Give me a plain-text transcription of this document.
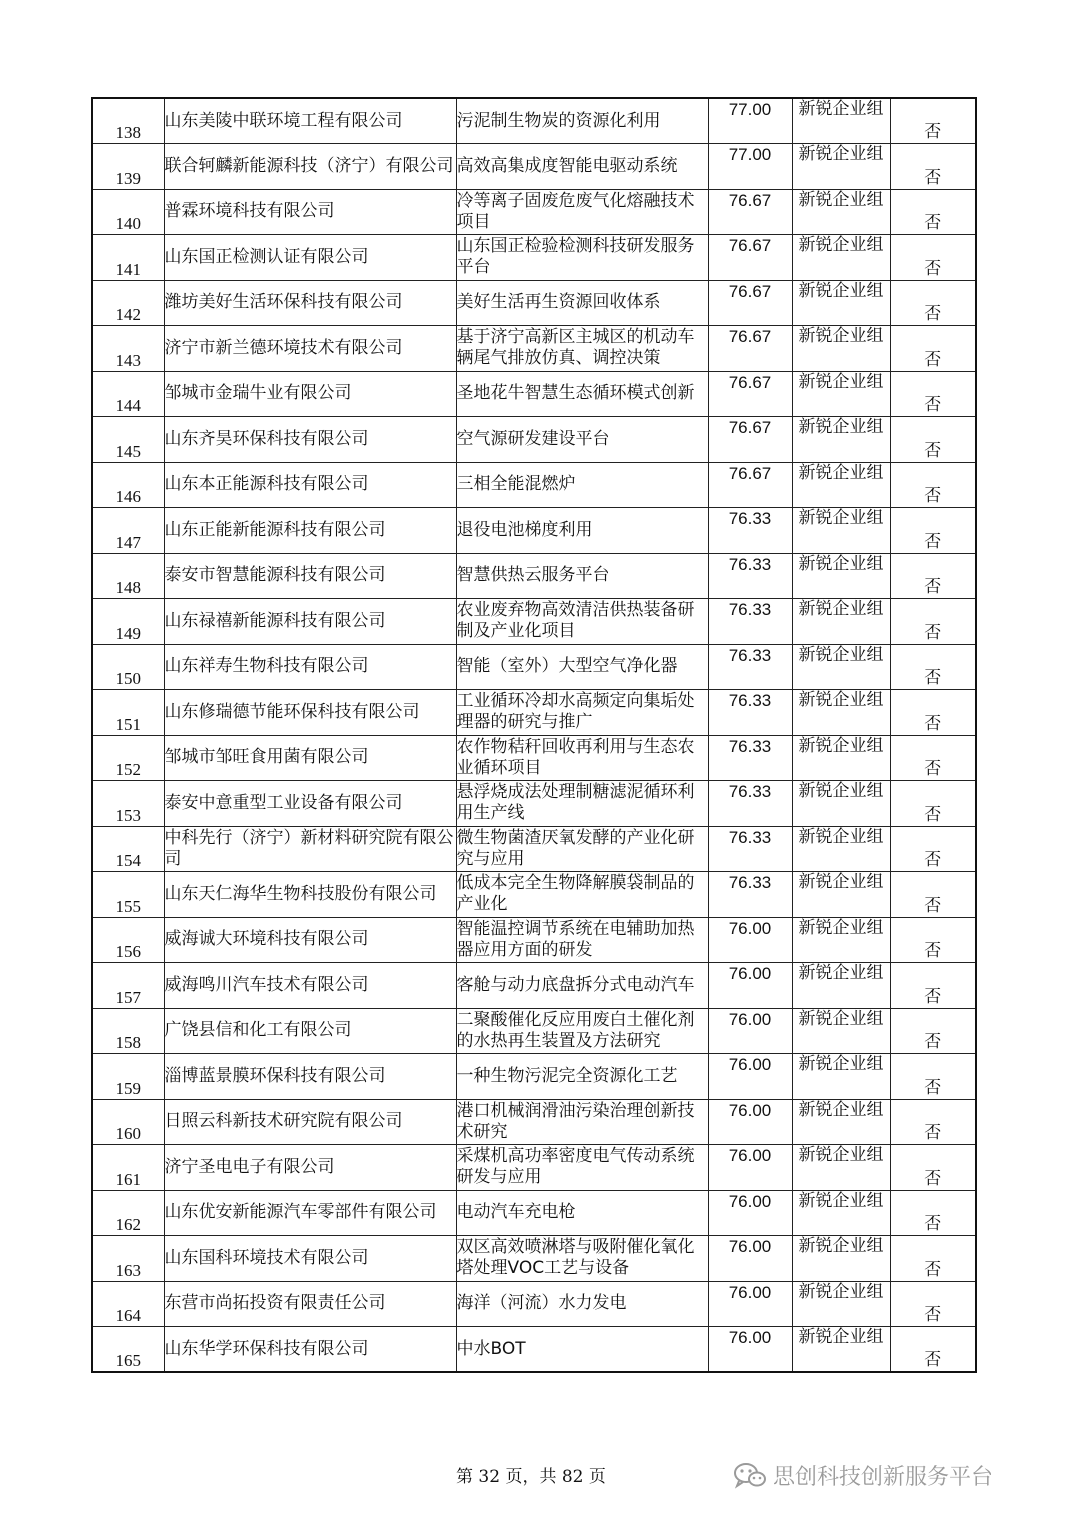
138	山东美陵中联环境工程有限公司	污泥制生物炭的资源化利用	77.00	新锐企业组	否

139	联合轲麟新能源科技（济宁）有限公司	高效高集成度智能电驱动系统	77.00	新锐企业组	否

140	普霖环境科技有限公司	冷等离子固废危废气化熔融技术项目	76.67	新锐企业组	否

141	山东国正检测认证有限公司	山东国正检验检测科技研发服务平台	76.67	新锐企业组	否

142	潍坊美好生活环保科技有限公司	美好生活再生资源回收体系	76.67	新锐企业组	否

143	济宁市新兰德环境技术有限公司	基于济宁高新区主城区的机动车辆尾气排放仿真、调控决策	76.67	新锐企业组	否

144	邹城市金瑞牛业有限公司	圣地花牛智慧生态循环模式创新	76.67	新锐企业组	否

145	山东齐昊环保科技有限公司	空气源研发建设平台	76.67	新锐企业组	否

146	山东本正能源科技有限公司	三相全能混燃炉	76.67	新锐企业组	否

147	山东正能新能源科技有限公司	退役电池梯度利用	76.33	新锐企业组	否

148	泰安市智慧能源科技有限公司	智慧供热云服务平台	76.33	新锐企业组	否

149	山东禄禧新能源科技有限公司	农业废弃物高效清洁供热装备研制及产业化项目	76.33	新锐企业组	否

150	山东祥寿生物科技有限公司	智能（室外）大型空气净化器	76.33	新锐企业组	否

151	山东修瑞德节能环保科技有限公司	工业循环冷却水高频定向集垢处理器的研究与推广	76.33	新锐企业组	否

152	邹城市邹旺食用菌有限公司	农作物秸秆回收再利用与生态农业循环项目	76.33	新锐企业组	否

153	泰安中意重型工业设备有限公司	悬浮烧成法处理制糖滤泥循环利用生产线	76.33	新锐企业组	否

154	中科先行（济宁）新材料研究院有限公司	微生物菌渣厌氧发酵的产业化研究与应用	76.33	新锐企业组	否

155	山东天仁海华生物科技股份有限公司	低成本完全生物降解膜袋制品的产业化	76.33	新锐企业组	否

156	威海诚大环境科技有限公司	智能温控调节系统在电辅助加热器应用方面的研发	76.00	新锐企业组	否

157	威海鸣川汽车技术有限公司	客舱与动力底盘拆分式电动汽车	76.00	新锐企业组	否

158	广饶县信和化工有限公司	二聚酸催化反应用废白土催化剂的水热再生装置及方法研究	76.00	新锐企业组	否

159	淄博蓝景膜环保科技有限公司	一种生物污泥完全资源化工艺	76.00	新锐企业组	否

160	日照云科新技术研究院有限公司	港口机械润滑油污染治理创新技术研究	76.00	新锐企业组	否

161	济宁圣电电子有限公司	采煤机高功率密度电气传动系统研发与应用	76.00	新锐企业组	否

162	山东优安新能源汽车零部件有限公司	电动汽车充电枪	76.00	新锐企业组	否

163	山东国科环境技术有限公司	双区高效喷淋塔与吸附催化氧化塔处理VOC工艺与设备	76.00	新锐企业组	否

164	东营市尚拓投资有限责任公司	海洋（河流）水力发电	76.00	新锐企业组	否

165	山东华学环保科技有限公司	中水BOT	76.00	新锐企业组	否
第 32 页，共 82 页	思创科技创新服务平台
